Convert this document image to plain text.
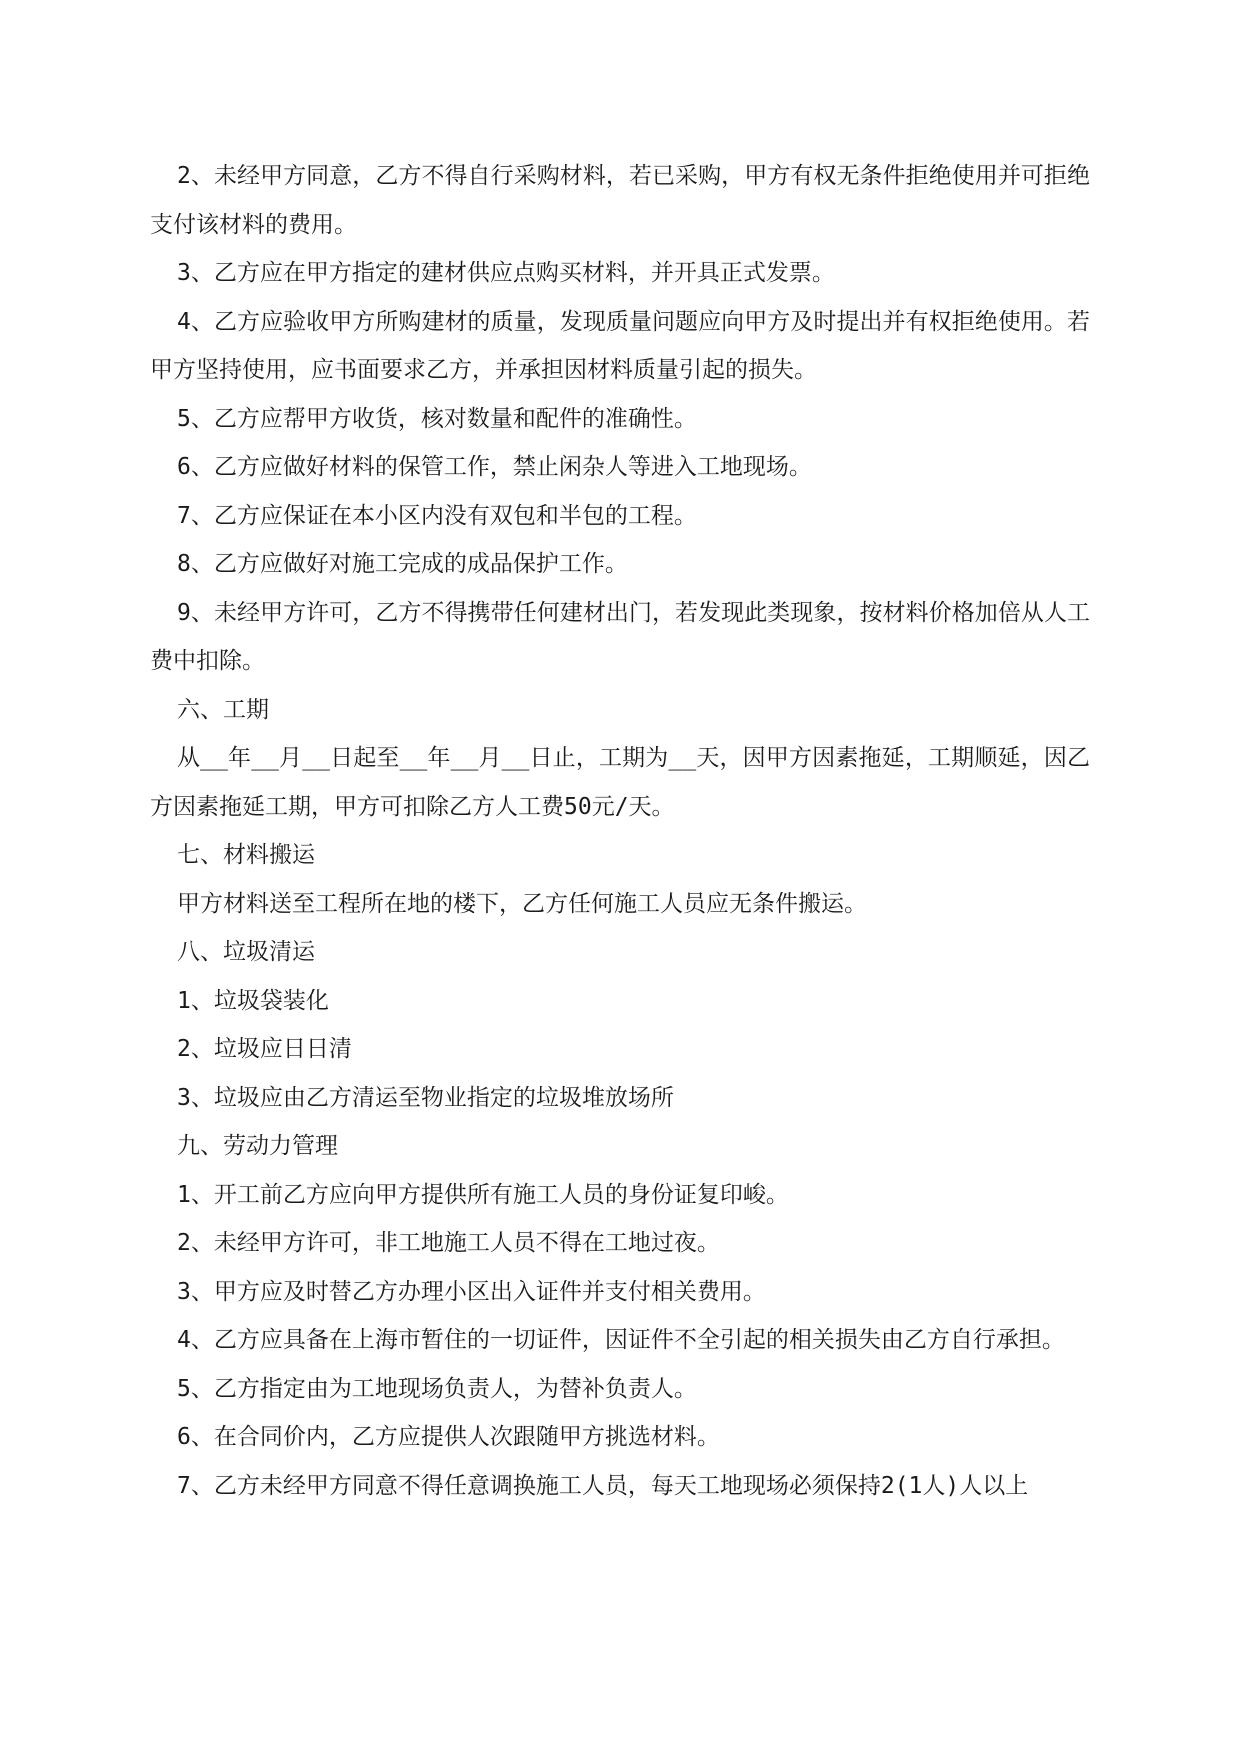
2、未经甲方同意，乙方不得自行采购材料，若已采购，甲方有权无条件拒绝使用并可拒绝支付该材料的费用。

3、乙方应在甲方指定的建材供应点购买材料，并开具正式发票。

4、乙方应验收甲方所购建材的质量，发现质量问题应向甲方及时提出并有权拒绝使用。若甲方坚持使用，应书面要求乙方，并承担因材料质量引起的损失。

5、乙方应帮甲方收货，核对数量和配件的准确性。

6、乙方应做好材料的保管工作，禁止闲杂人等进入工地现场。

7、乙方应保证在本小区内没有双包和半包的工程。

8、乙方应做好对施工完成的成品保护工作。

9、未经甲方许可，乙方不得携带任何建材出门，若发现此类现象，按材料价格加倍从人工费中扣除。

六、工期

从__年__月__日起至__年__月__日止，工期为__天，因甲方因素拖延，工期顺延，因乙方因素拖延工期，甲方可扣除乙方人工费50元/天。

七、材料搬运

甲方材料送至工程所在地的楼下，乙方任何施工人员应无条件搬运。

八、垃圾清运

1、垃圾袋装化

2、垃圾应日日清

3、垃圾应由乙方清运至物业指定的垃圾堆放场所

九、劳动力管理

1、开工前乙方应向甲方提供所有施工人员的身份证复印峻。

2、未经甲方许可，非工地施工人员不得在工地过夜。

3、甲方应及时替乙方办理小区出入证件并支付相关费用。

4、乙方应具备在上海市暂住的一切证件，因证件不全引起的相关损失由乙方自行承担。

5、乙方指定由为工地现场负责人，为替补负责人。

6、在合同价内，乙方应提供人次跟随甲方挑选材料。

7、乙方未经甲方同意不得任意调换施工人员，每天工地现场必须保持2(1人)人以上
